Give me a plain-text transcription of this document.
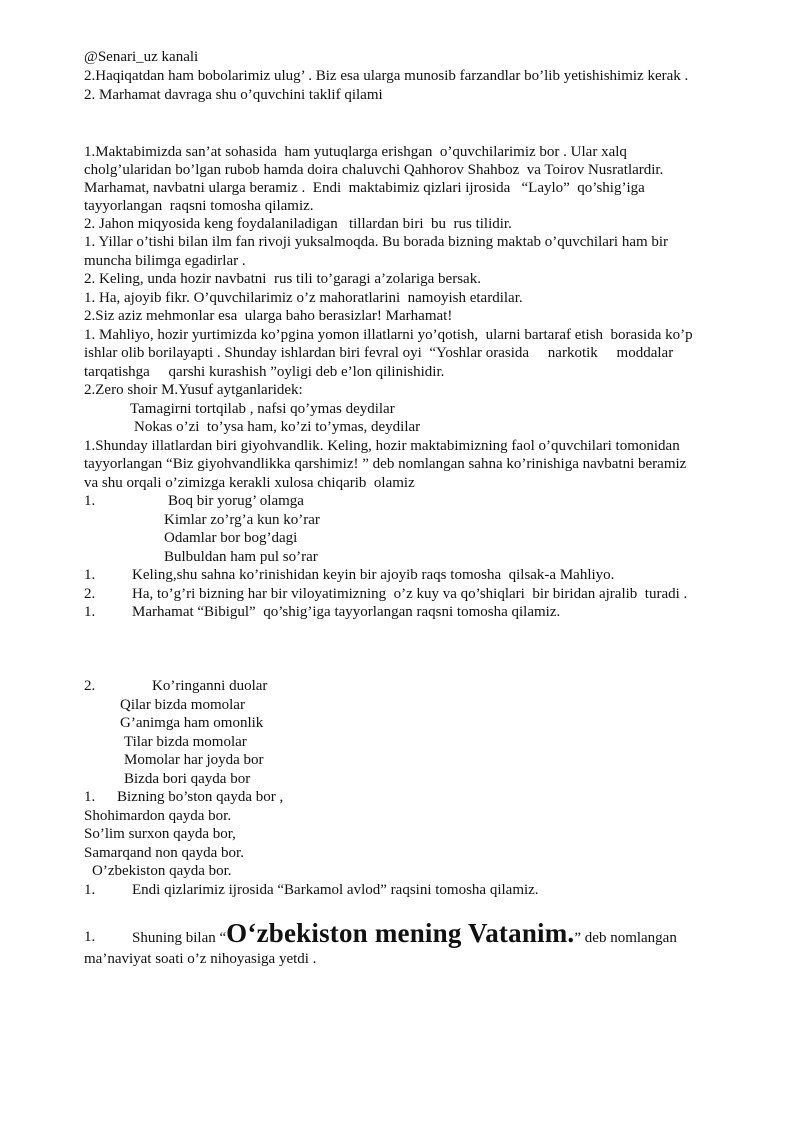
@Senari_uz kanali

2.Haqiqatdan ham bobolarimiz ulug’ . Biz esa ularga munosib farzandlar bo’lib yetishishimiz kerak .

2. Marhamat davraga shu o’quvchini taklif qilami

1.Maktabimizda san’at sohasida  ham yutuqlarga erishgan  o’quvchilarimiz bor . Ular xalq

cholg’ularidan bo’lgan rubob hamda doira chaluvchi Qahhorov Shahboz  va Toirov Nusratlardir.

Marhamat, navbatni ularga beramiz .  Endi  maktabimiz qizlari ijrosida   “Laylo”  qo’shig’iga

tayyorlangan  raqsni tomosha qilamiz.

2. Jahon miqyosida keng foydalaniladigan   tillardan biri  bu  rus tilidir.

1. Yillar o’tishi bilan ilm fan rivoji yuksalmoqda. Bu borada bizning maktab o’quvchilari ham bir

muncha bilimga egadirlar .

2. Keling, unda hozir navbatni  rus tili to’garagi a’zolariga bersak.

1. Ha, ajoyib fikr. O’quvchilarimiz o’z mahoratlarini  namoyish etardilar.

2.Siz aziz mehmonlar esa  ularga baho berasizlar! Marhamat!

1. Mahliyo, hozir yurtimizda ko’pgina yomon illatlarni yo’qotish,  ularni bartaraf etish  borasida ko’p

ishlar olib borilayapti . Shunday ishlardan biri fevral oyi  “Yoshlar orasida     narkotik     moddalar

tarqatishga     qarshi kurashish ”oyligi deb e’lon qilinishidir.

2.Zero shoir M.Yusuf aytganlaridek:

Tamagirni tortqilab , nafsi qo’ymas deydilar

Nokas o’zi  to’ysa ham, ko’zi to’ymas, deydilar

1.Shunday illatlardan biri giyohvandlik. Keling, hozir maktabimizning faol o’quvchilari tomonidan

tayyorlangan “Biz giyohvandlikka qarshimiz! ” deb nomlangan sahna ko’rinishiga navbatni beramiz

va shu orqali o’zimizga kerakli xulosa chiqarib  olamiz

1.	Boq bir yorug’ olamga

Kimlar zo’rg’a kun ko’rar

Odamlar bor bog’dagi

Bulbuldan ham pul so’rar

1. Keling,shu sahna ko’rinishidan keyin bir ajoyib raqs tomosha  qilsak-a Mahliyo.

2. Ha, to’g’ri bizning har bir viloyatimizning  o’z kuy va qo’shiqlari  bir biridan ajralib  turadi .

1. Marhamat “Bibigul”  qo’shig’iga tayyorlangan raqsni tomosha qilamiz.

2.	Ko’ringanni duolar

Qilar bizda momolar

G’animga ham omonlik

Tilar bizda momolar

Momolar har joyda bor

Bizda bori qayda bor

1. Bizning bo’ston qayda bor ,

Shohimardon qayda bor.

So’lim surxon qayda bor,

Samarqand non qayda bor.

O’zbekiston qayda bor.

1. Endi qizlarimiz ijrosida “Barkamol avlod” raqsini tomosha qilamiz.

1. Shuning bilan “O‘zbekiston mening Vatanim.” deb nomlangan

ma’naviyat soati o’z nihoyasiga yetdi .
